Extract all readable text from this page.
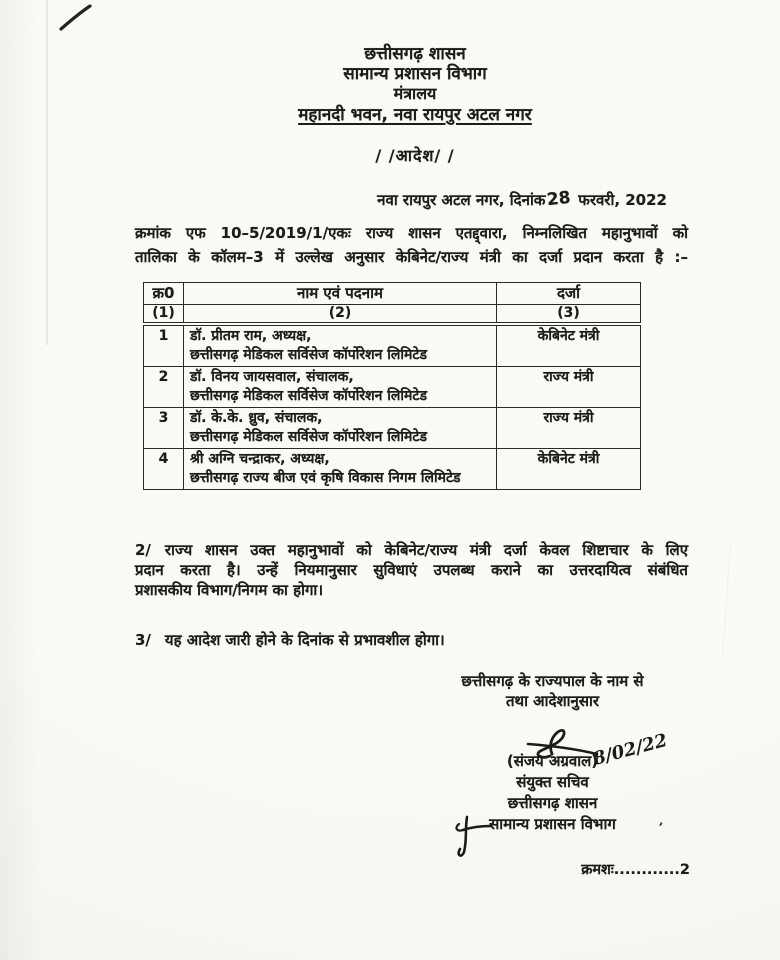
छत्तीसगढ़ शासन
सामान्य प्रशासन विभाग
मंत्रालय
महानदी भवन, नवा रायपुर अटल नगर
/ /आदेश/ /
नवा रायपुर अटल नगर, दिनांक28 फरवरी, 2022
क्रमांक एफ 10–5/2019/1/एकः राज्य शासन एतद्द्वारा, निम्नलिखित महानुभावों को
तालिका के कॉलम–3 में उल्लेख अनुसार केबिनेट/राज्य मंत्री का दर्जा प्रदान करता है :–
क्र0	नाम एवं पदनाम	दर्जा
(1)	(2)	(3)
1	डॉ. प्रीतम राम, अध्यक्ष,
छत्तीसगढ़ मेडिकल सर्विसेज कॉर्पोरेशन लिमिटेड	केबिनेट मंत्री
2	डॉ. विनय जायसवाल, संचालक,
छत्तीसगढ़ मेडिकल सर्विसेज कॉर्पोरेशन लिमिटेड	राज्य मंत्री
3	डॉ. के.के. ध्रुव, संचालक,
छत्तीसगढ़ मेडिकल सर्विसेज कॉर्पोरेशन लिमिटेड	राज्य मंत्री
4	श्री अग्नि चन्द्राकर, अध्यक्ष,
छत्तीसगढ़ राज्य बीज एवं कृषि विकास निगम लिमिटेड	केबिनेट मंत्री
2/ राज्य शासन उक्त महानुभावों को केबिनेट/राज्य मंत्री दर्जा केवल शिष्टाचार के लिए
प्रदान करता है। उन्हें नियमानुसार सुविधाएं उपलब्ध कराने का उत्तरदायित्व संबंधित
प्रशासकीय विभाग/निगम का होगा।
3/ यह आदेश जारी होने के दिनांक से प्रभावशील होगा।
छत्तीसगढ़ के राज्यपाल के नाम से
तथा आदेशानुसार
(संजय अग्रवाल)
संयुक्त सचिव
छत्तीसगढ़ शासन
सामान्य प्रशासन विभाग
8/02/22
’
क्रमशः............2
